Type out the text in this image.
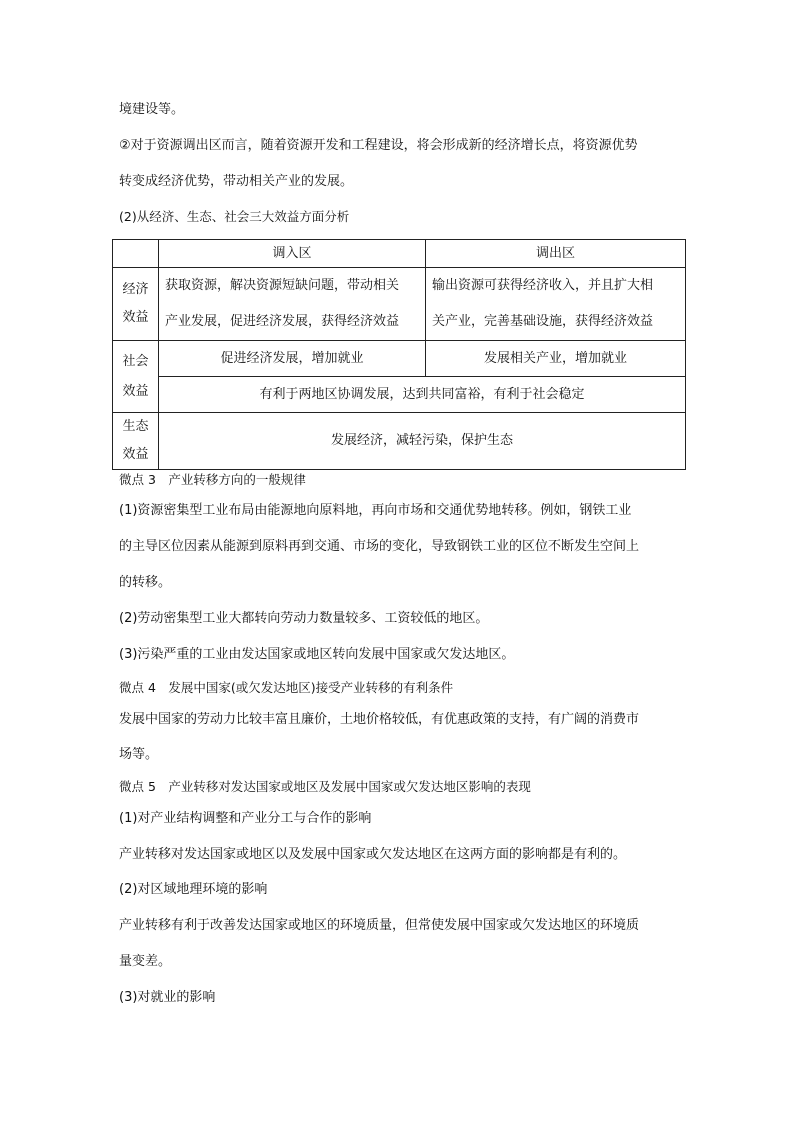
境建设等。
②对于资源调出区而言，随着资源开发和工程建设，将会形成新的经济增长点，将资源优势
转变成经济优势，带动相关产业的发展。
(2)从经济、生态、社会三大效益方面分析
	调入区	调出区

经济
效益	获取资源，解决资源短缺问题，带动相关
产业发展，促进经济发展，获得经济效益	输出资源可获得经济收入，并且扩大相
关产业，完善基础设施，获得经济效益

社会
效益	促进经济发展，增加就业	发展相关产业，增加就业
	有利于两地区协调发展，达到共同富裕，有利于社会稳定	

生态
效益	发展经济，减轻污染，保护生态	
微点 3　产业转移方向的一般规律
(1)资源密集型工业布局由能源地向原料地，再向市场和交通优势地转移。例如，钢铁工业
的主导区位因素从能源到原料再到交通、市场的变化，导致钢铁工业的区位不断发生空间上
的转移。
(2)劳动密集型工业大都转向劳动力数量较多、工资较低的地区。
(3)污染严重的工业由发达国家或地区转向发展中国家或欠发达地区。
微点 4　发展中国家(或欠发达地区)接受产业转移的有利条件
发展中国家的劳动力比较丰富且廉价，土地价格较低，有优惠政策的支持，有广阔的消费市
场等。
微点 5　产业转移对发达国家或地区及发展中国家或欠发达地区影响的表现
(1)对产业结构调整和产业分工与合作的影响
产业转移对发达国家或地区以及发展中国家或欠发达地区在这两方面的影响都是有利的。
(2)对区域地理环境的影响
产业转移有利于改善发达国家或地区的环境质量，但常使发展中国家或欠发达地区的环境质
量变差。
(3)对就业的影响
